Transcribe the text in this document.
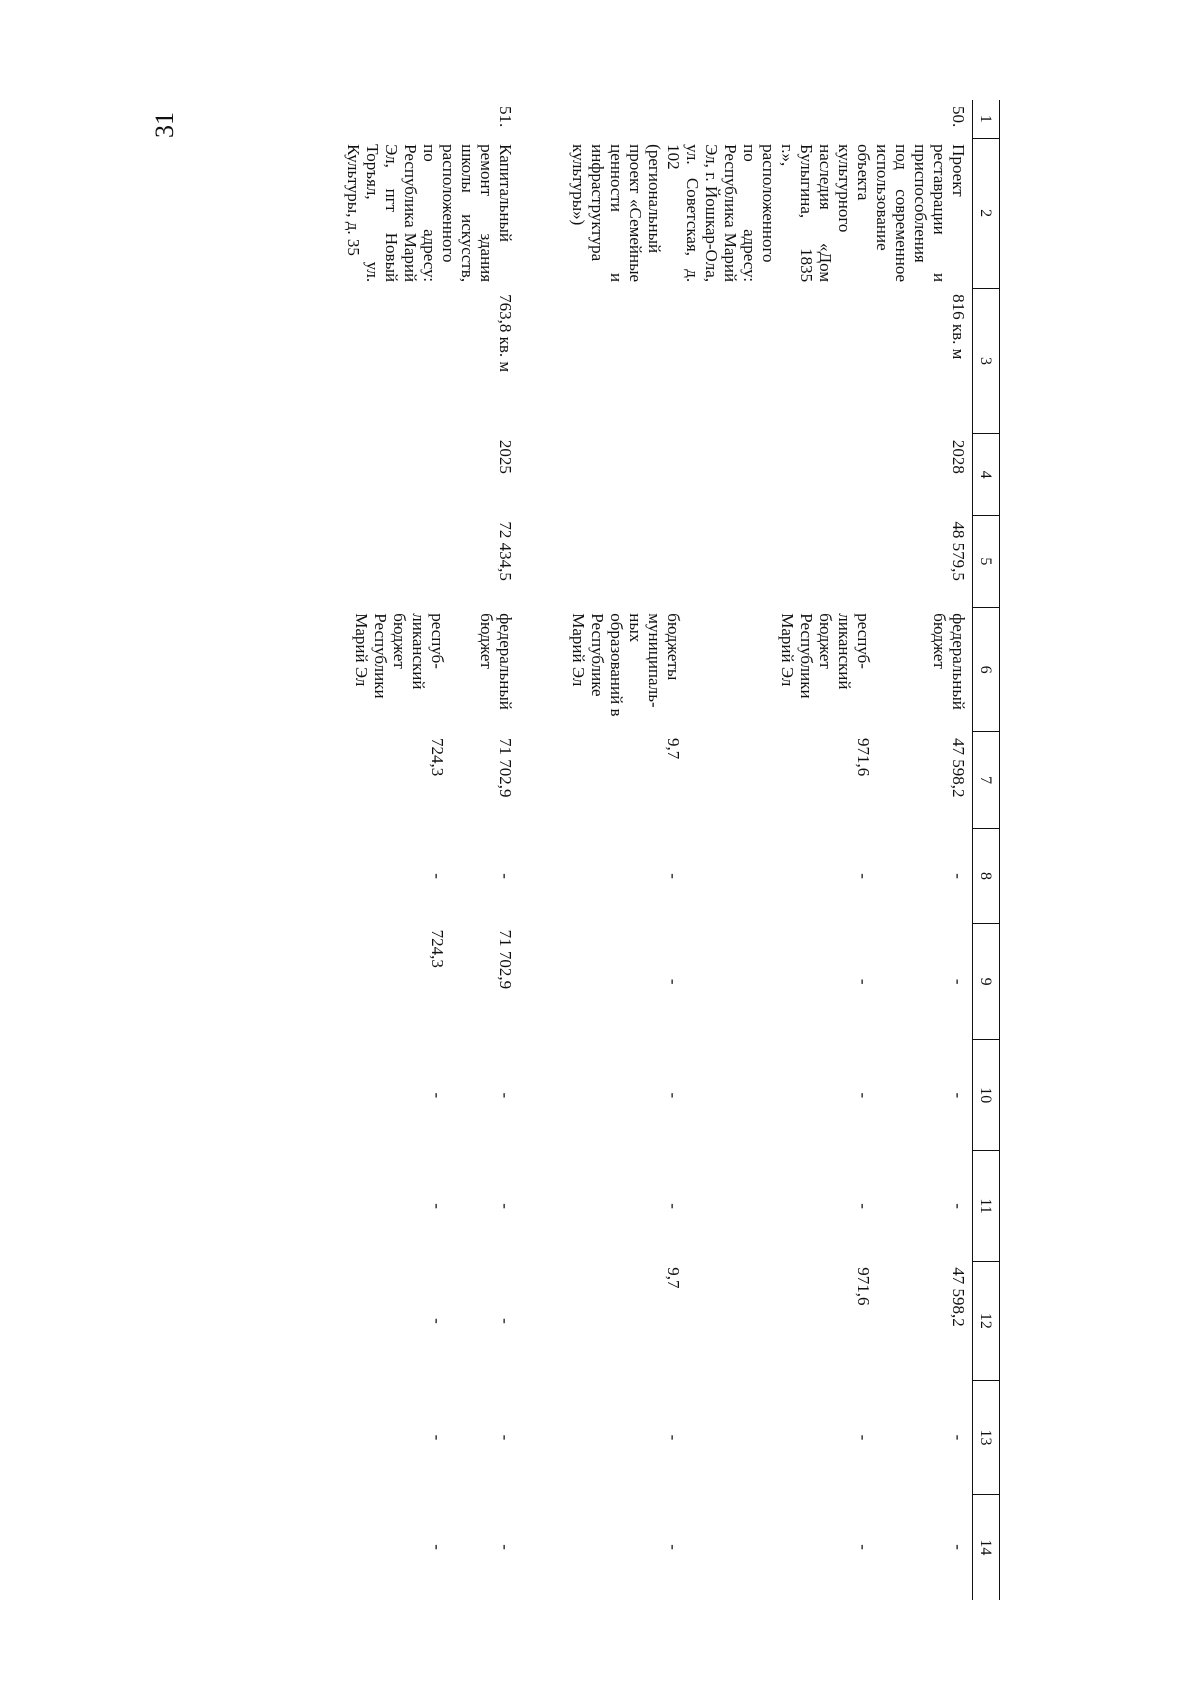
31	1	2	3	4	5	6	7	8	9	10	11	12	13	14
50.	Проект реставрации и приспособления под современное использование объекта культурного наследия «Дом Булыгина, 1835 г.», расположенного по адресу: Республика Марий Эл, г. Йошкар-Ола, ул. Советская, д. 102 (региональный проект «Семейные ценности и инфраструктура культуры»)	816 кв. м	2028	48 579,5	федеральный бюджет	47 598,2	-	-	-	-	47 598,2	-	-

					респуб-ликанский бюджет Республики Марий Эл	971,6	-	-	-	-	971,6	-	-

					бюджеты муниципаль-ных образований в Республике Марий Эл	9,7	-	-	-	-	9,7	-	-

51.	Капитальный ремонт здания школы искусств, расположенного по адресу: Республика Марий Эл, пгт Новый Торъял, ул. Культуры, д. 35	763,8 кв. м	2025	72 434,5	федеральный бюджет	71 702,9	-	71 702,9	-	-	-	-	-

					респуб-ликанский бюджет Республики Марий Эл	724,3	-	724,3	-	-	-	-	-
